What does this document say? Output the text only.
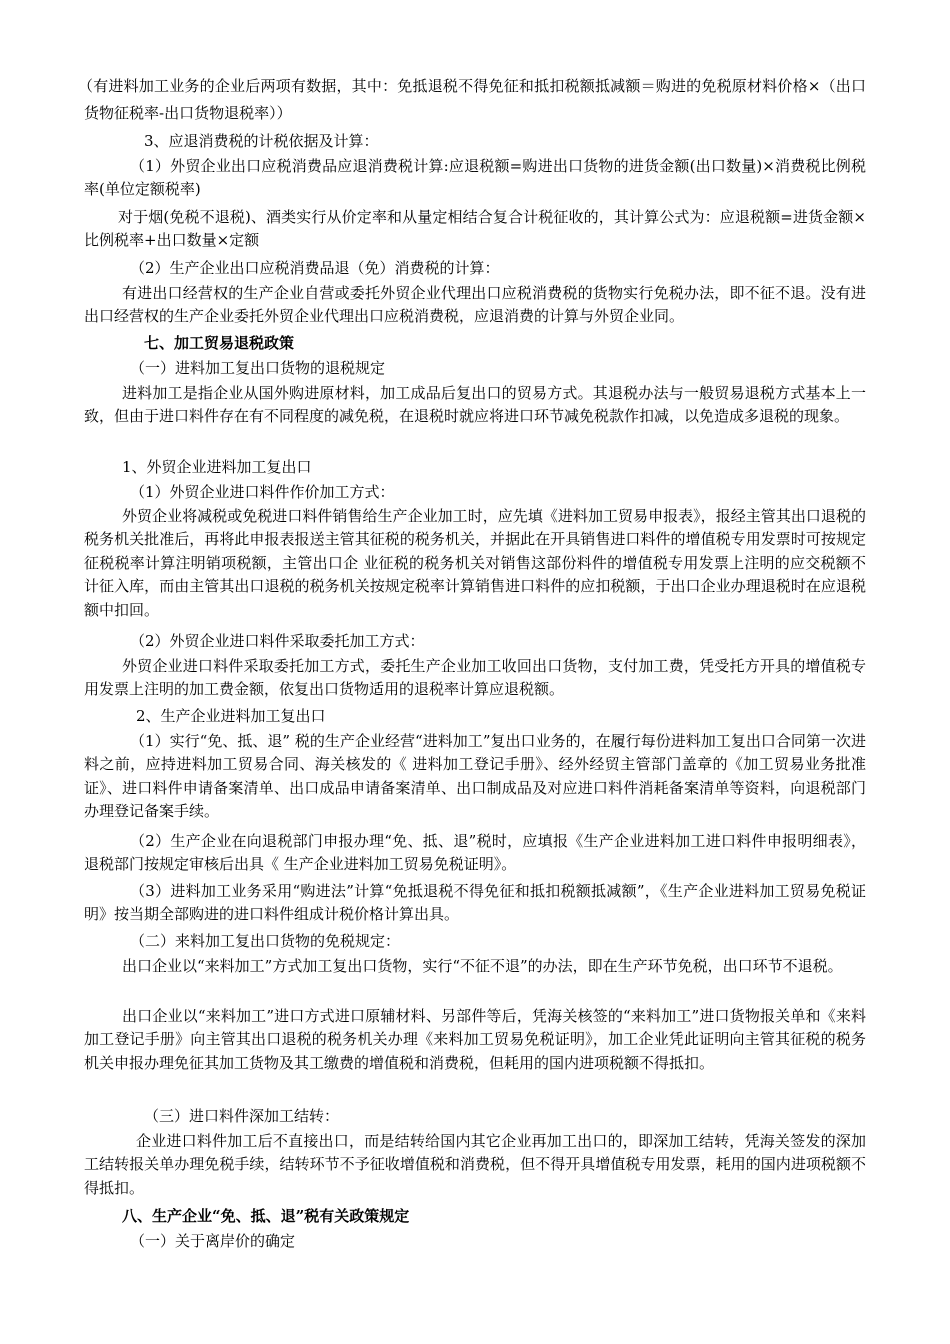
（有进料加工业务的企业后两项有数据，其中：免抵退税不得免征和抵扣税额抵减额＝购进的免税原材料价格×（出口货物征税率-出口货物退税率））

3、应退消费税的计税依据及计算：

（1）外贸企业出口应税消费品应退消费税计算:应退税额=购进出口货物的进货金额(出口数量)×消费税比例税率(单位定额税率)

对于烟(免税不退税)、酒类实行从价定率和从量定相结合复合计税征收的，其计算公式为：应退税额=进货金额×比例税率+出口数量×定额

（2）生产企业出口应税消费品退（免）消费税的计算：

有进出口经营权的生产企业自营或委托外贸企业代理出口应税消费税的货物实行免税办法，即不征不退。没有进出口经营权的生产企业委托外贸企业代理出口应税消费税，应退消费的计算与外贸企业同。

七、加工贸易退税政策

（一）进料加工复出口货物的退税规定

进料加工是指企业从国外购进原材料，加工成品后复出口的贸易方式。其退税办法与一般贸易退税方式基本上一致，但由于进口料件存在有不同程度的减免税，在退税时就应将进口环节减免税款作扣减，以免造成多退税的现象。

1、外贸企业进料加工复出口

（1）外贸企业进口料件作价加工方式：

外贸企业将减税或免税进口料件销售给生产企业加工时，应先填《进料加工贸易申报表》，报经主管其出口退税的税务机关批准后，再将此申报表报送主管其征税的税务机关，并据此在开具销售进口料件的增值税专用发票时可按规定征税税率计算注明销项税额，主管出口企 业征税的税务机关对销售这部份料件的增值税专用发票上注明的应交税额不计征入库，而由主管其出口退税的税务机关按规定税率计算销售进口料件的应扣税额，于出口企业办理退税时在应退税额中扣回。

（2）外贸企业进口料件采取委托加工方式：

外贸企业进口料件采取委托加工方式，委托生产企业加工收回出口货物，支付加工费，凭受托方开具的增值税专用发票上注明的加工费金额，依复出口货物适用的退税率计算应退税额。

2、生产企业进料加工复出口

（1）实行“免、抵、退” 税的生产企业经营“进料加工”复出口业务的，在履行每份进料加工复出口合同第一次进料之前，应持进料加工贸易合同、海关核发的《 进料加工登记手册》、经外经贸主管部门盖章的《加工贸易业务批准证》、进口料件申请备案清单、出口成品申请备案清单、出口制成品及对应进口料件消耗备案清单等资料，向退税部门办理登记备案手续。

（2）生产企业在向退税部门申报办理“免、抵、退”税时，应填报《生产企业进料加工进口料件申报明细表》，退税部门按规定审核后出具《 生产企业进料加工贸易免税证明》。

（3）进料加工业务采用“购进法”计算“免抵退税不得免征和抵扣税额抵减额”，《生产企业进料加工贸易免税证明》按当期全部购进的进口料件组成计税价格计算出具。

（二）来料加工复出口货物的免税规定：

出口企业以“来料加工”方式加工复出口货物，实行“不征不退”的办法，即在生产环节免税，出口环节不退税。

出口企业以“来料加工”进口方式进口原辅材料、另部件等后，凭海关核签的“来料加工”进口货物报关单和《来料加工登记手册》向主管其出口退税的税务机关办理《来料加工贸易免税证明》，加工企业凭此证明向主管其征税的税务机关申报办理免征其加工货物及其工缴费的增值税和消费税，但耗用的国内进项税额不得抵扣。

（三）进口料件深加工结转：

企业进口料件加工后不直接出口，而是结转给国内其它企业再加工出口的，即深加工结转，凭海关签发的深加工结转报关单办理免税手续，结转环节不予征收增值税和消费税，但不得开具增值税专用发票，耗用的国内进项税额不得抵扣。

八、生产企业“免、抵、退”税有关政策规定

（一）关于离岸价的确定
